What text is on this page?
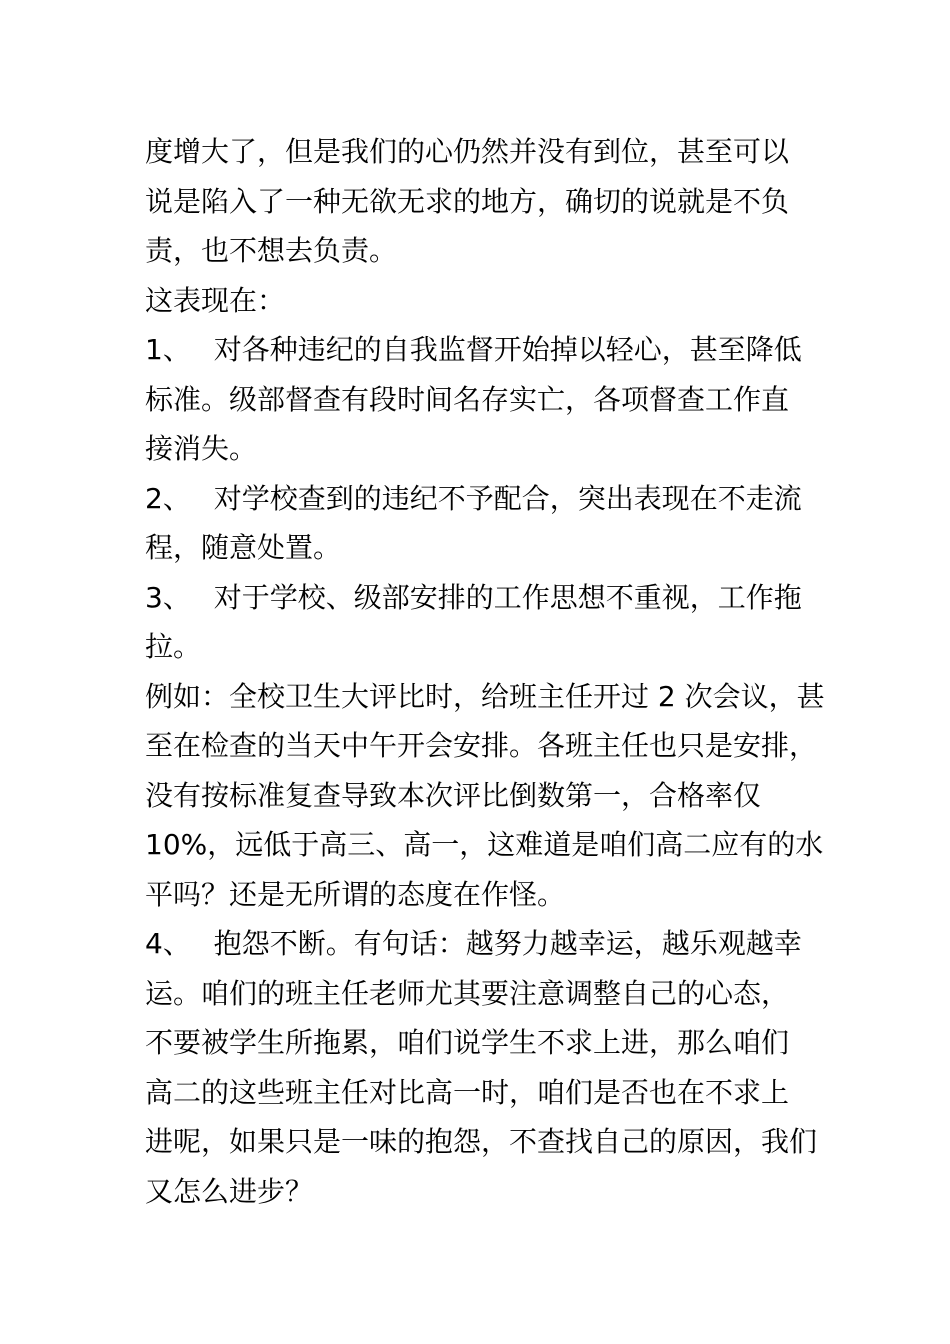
度增大了，但是我们的心仍然并没有到位，甚至可以
说是陷入了一种无欲无求的地方，确切的说就是不负
责，也不想去负责。
这表现在：
1、　 对各种违纪的自我监督开始掉以轻心，甚至降低
标准。级部督查有段时间名存实亡，各项督查工作直
接消失。
2、　 对学校查到的违纪不予配合，突出表现在不走流
程，随意处置。
3、　 对于学校、级部安排的工作思想不重视，工作拖
拉。
例如：全校卫生大评比时，给班主任开过 2 次会议，甚
至在检查的当天中午开会安排。各班主任也只是安排，
没有按标准复查导致本次评比倒数第一，合格率仅
10%，远低于高三、高一，这难道是咱们高二应有的水
平吗？还是无所谓的态度在作怪。
4、　 抱怨不断。有句话：越努力越幸运，越乐观越幸
运。咱们的班主任老师尤其要注意调整自己的心态，
不要被学生所拖累，咱们说学生不求上进，那么咱们
高二的这些班主任对比高一时，咱们是否也在不求上
进呢，如果只是一味的抱怨，不查找自己的原因，我们
又怎么进步？
